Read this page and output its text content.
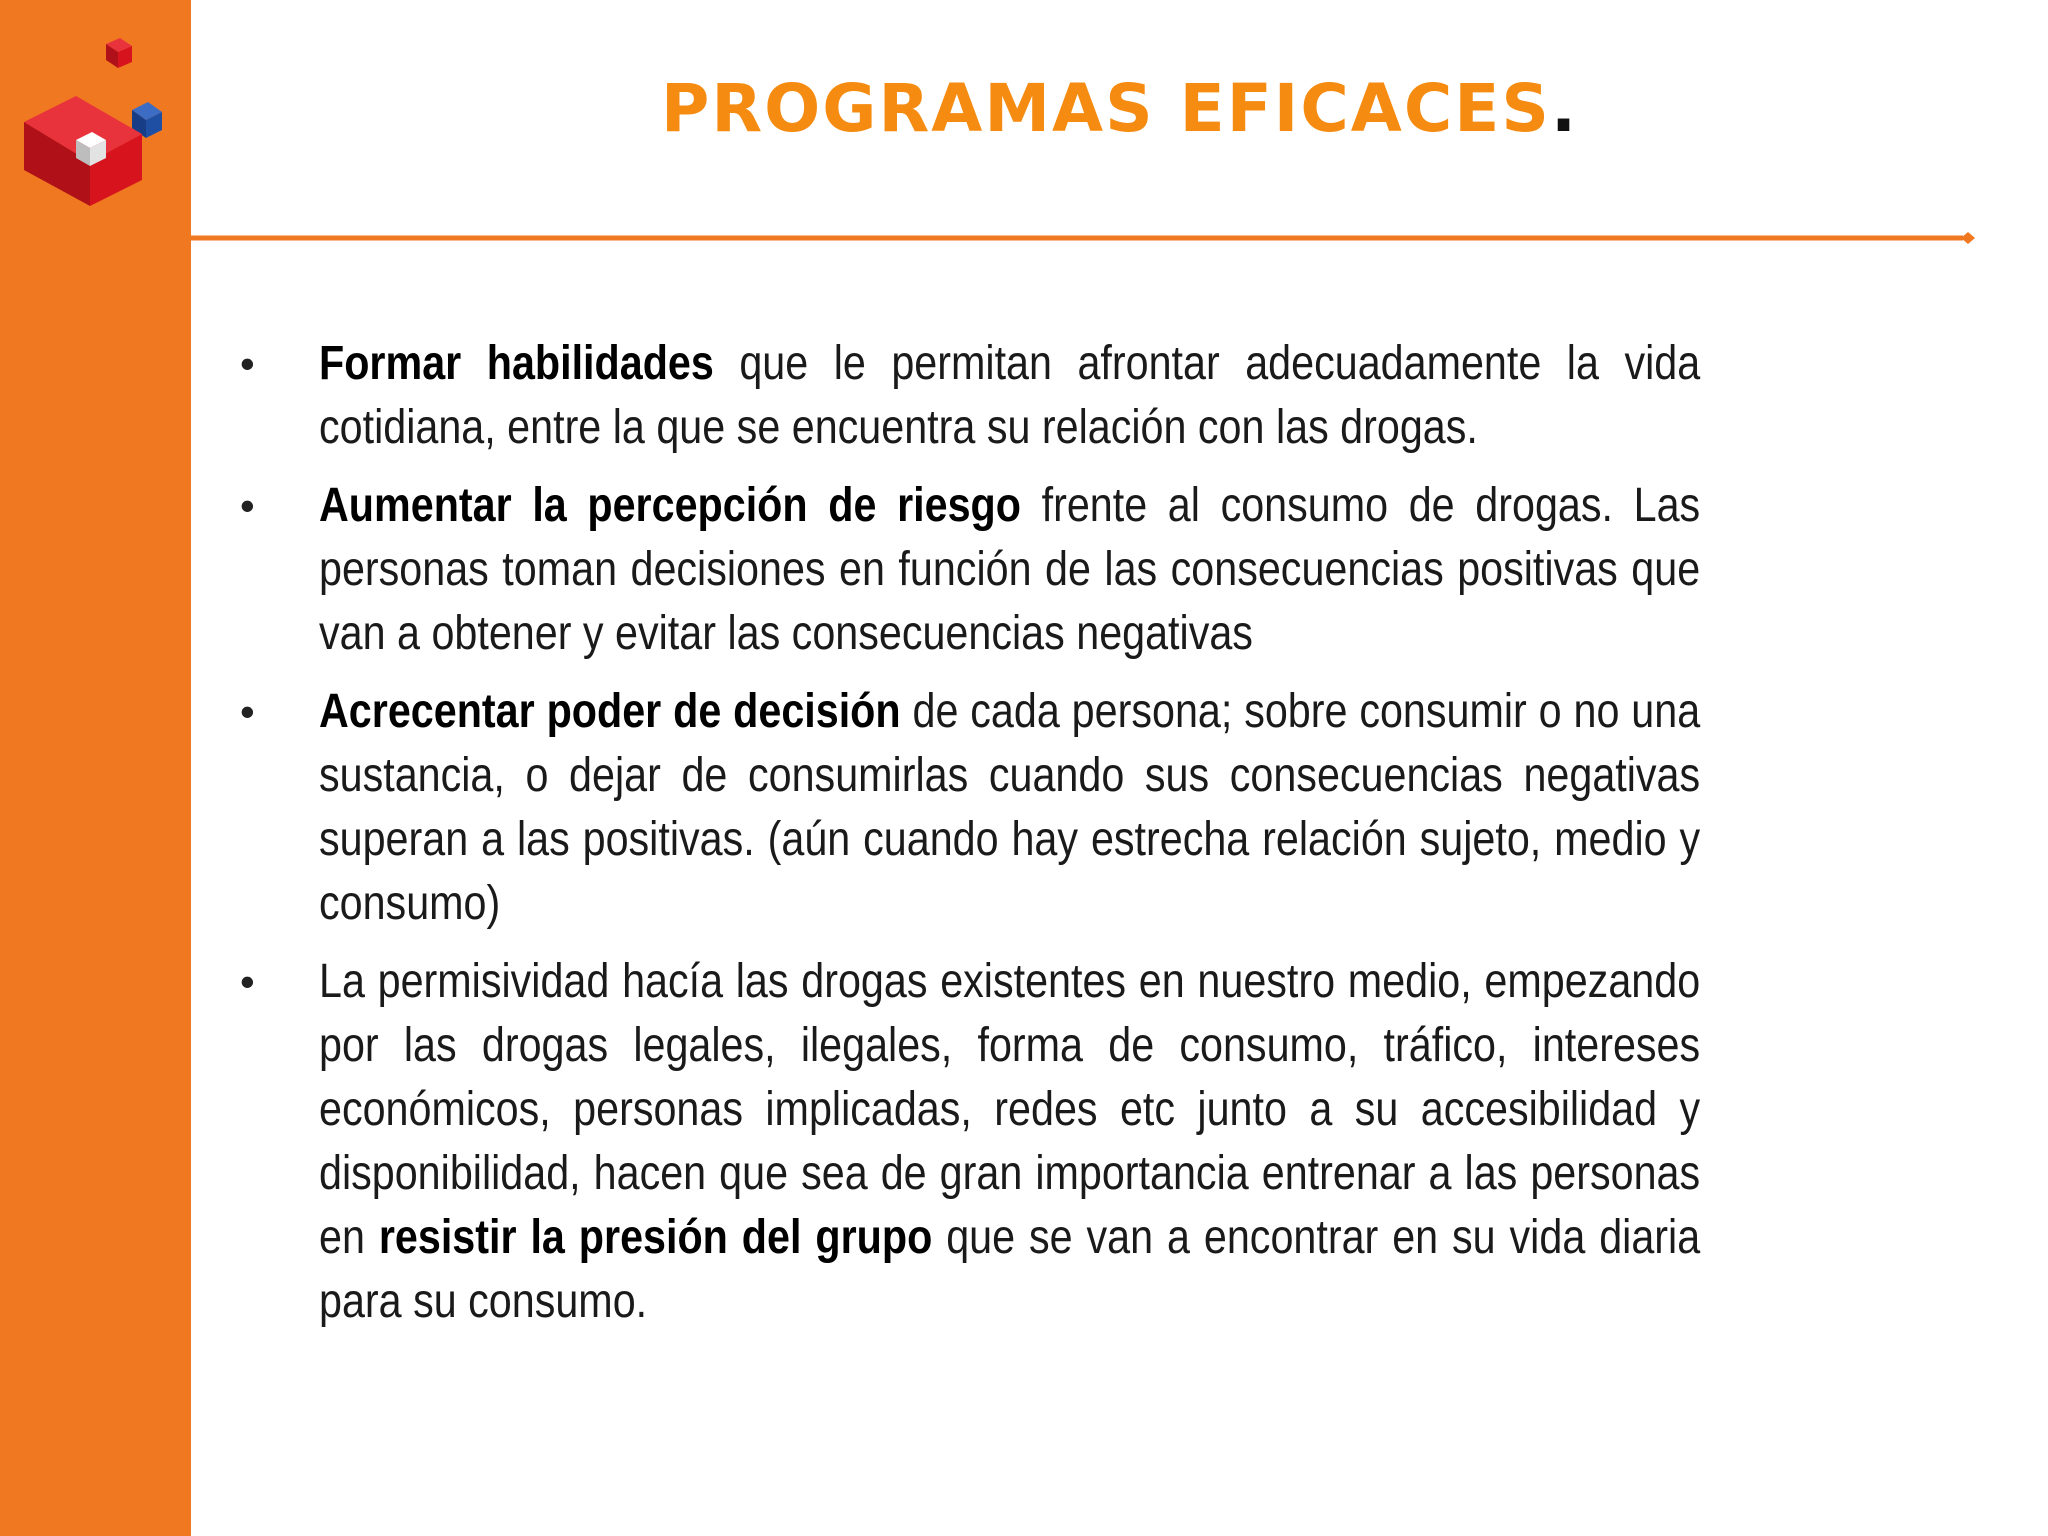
PROGRAMAS EFICACES.
•	Formar habilidades que le permitan afrontar adecuadamente la vida cotidiana, entre la que se encuentra su relación con las drogas.
•	Aumentar la percepción de riesgo frente al consumo de drogas. Las personas toman decisiones en función de las consecuencias positivas que van a obtener y evitar las consecuencias negativas
•	Acrecentar poder de decisión de cada persona; sobre consumir o no una sustancia, o dejar de consumirlas cuando sus consecuencias negativas superan a las positivas. (aún cuando hay estrecha relación sujeto, medio y consumo)
•	La permisividad hacía las drogas existentes en nuestro medio, empezando por las drogas legales, ilegales, forma de consumo, tráfico, intereses económicos, personas implicadas, redes etc junto a su accesibilidad y disponibilidad, hacen que sea de gran importancia entrenar a las personas en resistir la presión del grupo que se van a encontrar en su vida diaria para su consumo.
